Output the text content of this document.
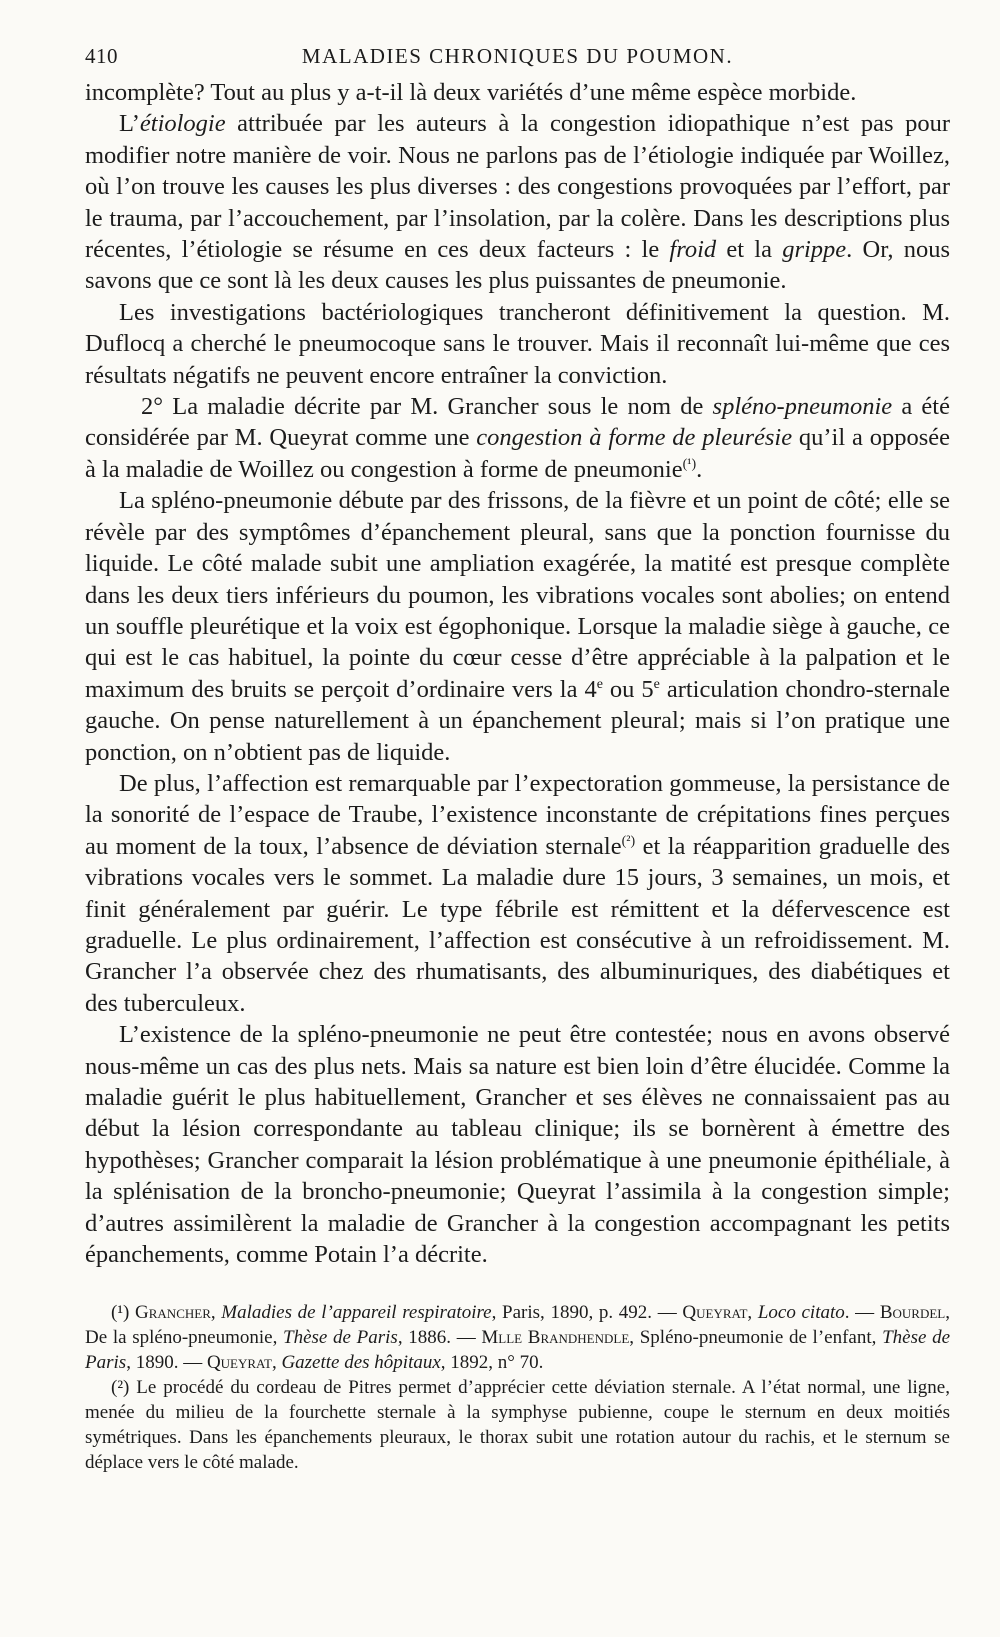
410	MALADIES CHRONIQUES DU POUMON.

incomplète? Tout au plus y a-t-il là deux variétés d’une même espèce morbide.

L’étiologie attribuée par les auteurs à la congestion idiopathique n’est pas pour modifier notre manière de voir. Nous ne parlons pas de l’étiologie indiquée par Woillez, où l’on trouve les causes les plus diverses : des congestions provoquées par l’effort, par le trauma, par l’accouchement, par l’insolation, par la colère. Dans les descriptions plus récentes, l’étiologie se résume en ces deux facteurs : le froid et la grippe. Or, nous savons que ce sont là les deux causes les plus puissantes de pneumonie.

Les investigations bactériologiques trancheront définitivement la question. M. Duflocq a cherché le pneumocoque sans le trouver. Mais il reconnaît lui-même que ces résultats négatifs ne peuvent encore entraîner la conviction.

2° La maladie décrite par M. Grancher sous le nom de spléno-pneumonie a été considérée par M. Queyrat comme une congestion à forme de pleurésie qu’il a opposée à la maladie de Woillez ou congestion à forme de pneumonie$^{(^1)}$.

La spléno-pneumonie débute par des frissons, de la fièvre et un point de côté; elle se révèle par des symptômes d’épanchement pleural, sans que la ponction fournisse du liquide. Le côté malade subit une ampliation exagérée, la matité est presque complète dans les deux tiers inférieurs du poumon, les vibrations vocales sont abolies; on entend un souffle pleurétique et la voix est égophonique. Lorsque la maladie siège à gauche, ce qui est le cas habituel, la pointe du cœur cesse d’être appréciable à la palpation et le maximum des bruits se perçoit d’ordinaire vers la 4e ou 5e articulation chondro-sternale gauche. On pense naturellement à un épanchement pleural; mais si l’on pratique une ponction, on n’obtient pas de liquide.

De plus, l’affection est remarquable par l’expectoration gommeuse, la persistance de la sonorité de l’espace de Traube, l’existence inconstante de crépitations fines perçues au moment de la toux, l’absence de déviation sternale$^{(^2)}$ et la réapparition graduelle des vibrations vocales vers le sommet. La maladie dure 15 jours, 3 semaines, un mois, et finit généralement par guérir. Le type fébrile est rémittent et la défervescence est graduelle. Le plus ordinairement, l’affection est consécutive à un refroidissement. M. Grancher l’a observée chez des rhumatisants, des albuminuriques, des diabétiques et des tuberculeux.

L’existence de la spléno-pneumonie ne peut être contestée; nous en avons observé nous-même un cas des plus nets. Mais sa nature est bien loin d’être élucidée. Comme la maladie guérit le plus habituellement, Grancher et ses élèves ne connaissaient pas au début la lésion correspondante au tableau clinique; ils se bornèrent à émettre des hypothèses; Grancher comparait la lésion problématique à une pneumonie épithéliale, à la splénisation de la broncho-pneumonie; Queyrat l’assimila à la congestion simple; d’autres assimilèrent la maladie de Grancher à la congestion accompagnant les petits épanchements, comme Potain l’a décrite.

(¹) Grancher, Maladies de l’appareil respiratoire, Paris, 1890, p. 492. — Queyrat, Loco citato. — Bourdel, De la spléno-pneumonie, Thèse de Paris, 1886. — Mlle Brandhendle, Spléno-pneumonie de l’enfant, Thèse de Paris, 1890. — Queyrat, Gazette des hôpitaux, 1892, n° 70.

(²) Le procédé du cordeau de Pitres permet d’apprécier cette déviation sternale. A l’état normal, une ligne, menée du milieu de la fourchette sternale à la symphyse pubienne, coupe le sternum en deux moitiés symétriques. Dans les épanchements pleuraux, le thorax subit une rotation autour du rachis, et le sternum se déplace vers le côté malade.
